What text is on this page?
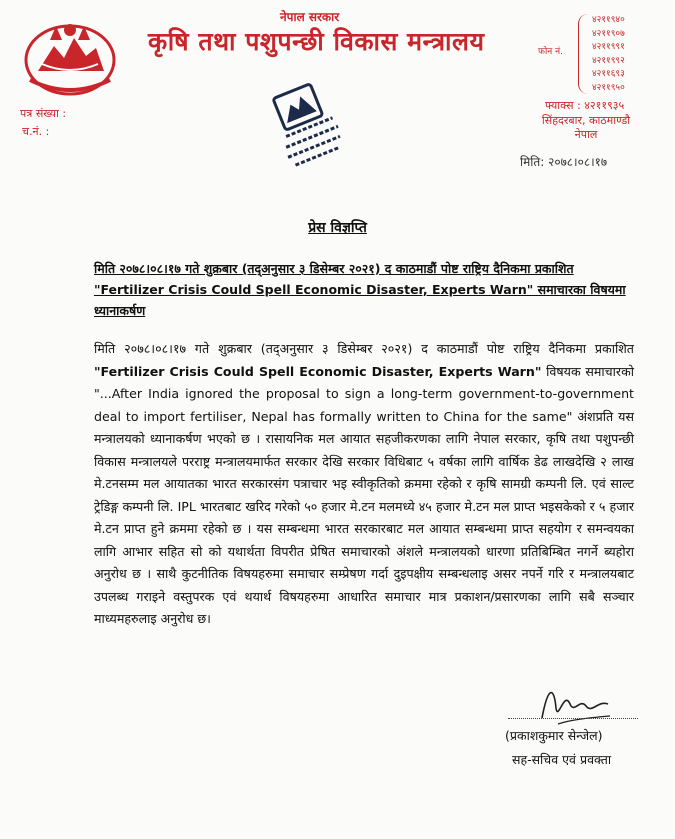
नेपाल सरकार
कृषि तथा पशुपन्छी विकास मन्त्रालय	फोन नं.
४२११९४०
४२११९०७
४२११९९१
४२११९९२
४२११६९३
४२११९५०
फ्याक्स : ४२११९३५
सिंहदरबार, काठमाण्डौ
नेपाल
मिति: २०७८।०८।१७
पत्र संख्या :
च.नं. :
प्रेस विज्ञप्ति
मिति २०७८।०८।१७ गते शुक्रबार (तद्अनुसार ३ डिसेम्बर २०२१) द काठमाडौं पोष्ट राष्ट्रिय दैनिकमा प्रकाशित "Fertilizer Crisis Could Spell Economic Disaster, Experts Warn" समाचारका विषयमा ध्यानाकर्षण

मिति २०७८।०८।१७ गते शुक्रबार (तद्अनुसार ३ डिसेम्बर २०२१) द काठमाडौं पोष्ट राष्ट्रिय दैनिकमा प्रकाशित "Fertilizer Crisis Could Spell Economic Disaster, Experts Warn" विषयक समाचारको "...After India ignored the proposal to sign a long-term government-to-government deal to import fertiliser, Nepal has formally written to China for the same" अंशप्रति यस मन्त्रालयको ध्यानाकर्षण भएको छ । रासायनिक मल आयात सहजीकरणका लागि नेपाल सरकार, कृषि तथा पशुपन्छी विकास मन्त्रालयले परराष्ट्र मन्त्रालयमार्फत सरकार देखि सरकार विधिबाट ५ वर्षका लागि वार्षिक डेढ लाखदेखि २ लाख मे.टनसम्म मल आयातका भारत सरकारसंग पत्राचार भइ स्वीकृतिको क्रममा रहेको र कृषि सामग्री कम्पनी लि. एवं साल्ट ट्रेडिङ्ग कम्पनी लि. IPL भारतबाट खरिद गरेको ५० हजार मे.टन मलमध्ये ४५ हजार मे.टन मल प्राप्त भइसकेको र ५ हजार मे.टन प्राप्त हुने क्रममा रहेको छ । यस सम्बन्धमा भारत सरकारबाट मल आयात सम्बन्धमा प्राप्त सहयोग र समन्वयका लागि आभार सहित सो को यथार्थता विपरीत प्रेषित समाचारको अंशले मन्त्रालयको धारणा प्रतिबिम्बित नगर्ने ब्यहोरा अनुरोध छ । साथै कुटनीतिक विषयहरुमा समाचार सम्प्रेषण गर्दा दुइपक्षीय सम्बन्धलाइ असर नपर्ने गरि र मन्त्रालयबाट उपलब्ध गराइने वस्तुपरक एवं थयार्थ विषयहरुमा आधारित समाचार मात्र प्रकाशन/प्रसारणका लागि सबै सञ्चार माध्यमहरुलाइ अनुरोध छ।

(प्रकाशकुमार सेन्जेल)
सह-सचिव एवं प्रवक्ता
